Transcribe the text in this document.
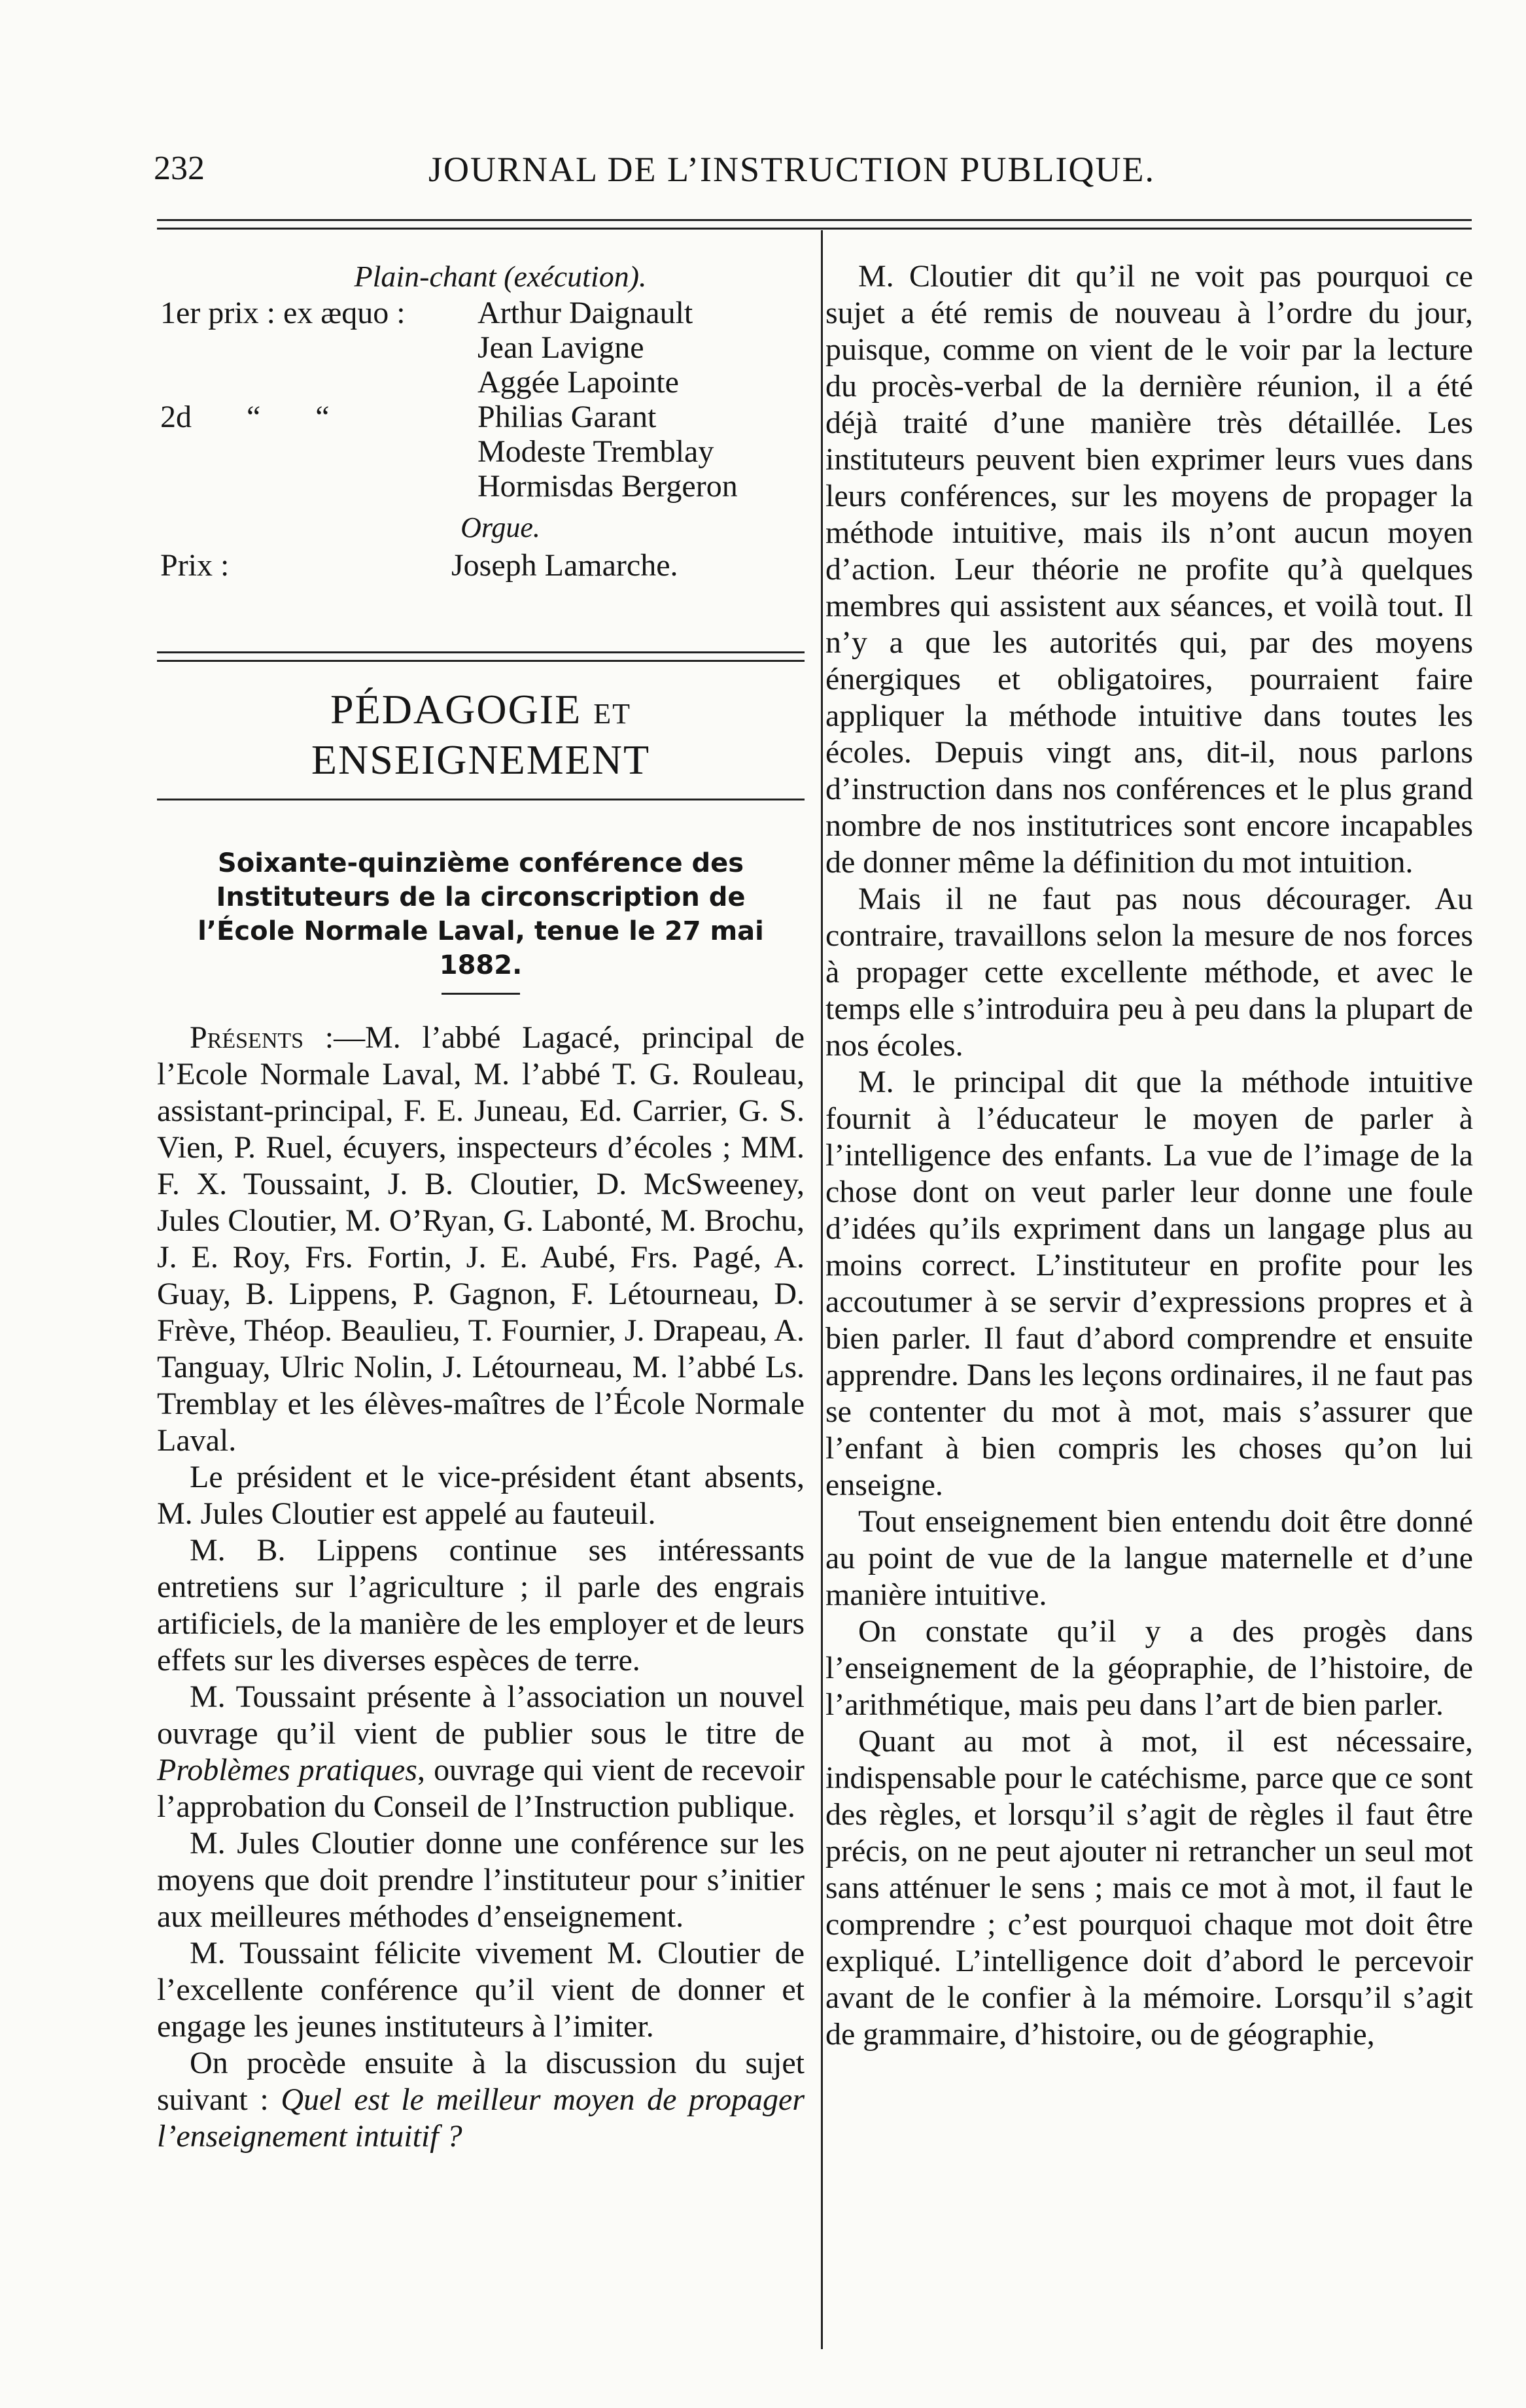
232	JOURNAL DE L’INSTRUCTION PUBLIQUE.
Plain-chant (exécution).
1er prix : ex æquo : Arthur Daignault
Jean Lavigne
Aggée Lapointe
2d       “       “	Philias Garant
Modeste Tremblay
Hormisdas Bergeron
Orgue.
Prix :	Joseph Lamarche.
PÉDAGOGIE ET ENSEIGNEMENT
Soixante-quinzième conférence des Instituteurs de la circonscription de l’École Normale Laval, tenue le 27 mai 1882.

Présents :—M. l’abbé Lagacé, principal de l’Ecole Normale Laval, M. l’abbé T. G. Rouleau, assistant-principal, F. E. Juneau, Ed. Carrier, G. S. Vien, P. Ruel, écuyers, inspecteurs d’écoles ; MM. F. X. Toussaint, J. B. Cloutier, D. McSweeney, Jules Cloutier, M. O’Ryan, G. Labonté, M. Brochu, J. E. Roy, Frs. Fortin, J. E. Aubé, Frs. Pagé, A. Guay, B. Lippens, P. Gagnon, F. Létourneau, D. Frève, Théop. Beaulieu, T. Fournier, J. Drapeau, A. Tanguay, Ulric Nolin, J. Létourneau, M. l’abbé Ls. Tremblay et les élèves-maîtres de l’École Normale Laval.

Le président et le vice-président étant absents, M. Jules Cloutier est appelé au fauteuil.

M. B. Lippens continue ses intéressants entretiens sur l’agriculture ; il parle des engrais artificiels, de la manière de les employer et de leurs effets sur les diverses espèces de terre.

M. Toussaint présente à l’association un nouvel ouvrage qu’il vient de publier sous le titre de Problèmes pratiques, ouvrage qui vient de recevoir l’approbation du Conseil de l’Instruction publique.

M. Jules Cloutier donne une conférence sur les moyens que doit prendre l’instituteur pour s’initier aux meilleures méthodes d’enseignement.

M. Toussaint félicite vivement M. Cloutier de l’excellente conférence qu’il vient de donner et engage les jeunes instituteurs à l’imiter.

On procède ensuite à la discussion du sujet suivant : Quel est le meilleur moyen de propager l’enseignement intuitif ?

M. Cloutier dit qu’il ne voit pas pourquoi ce sujet a été remis de nouveau à l’ordre du jour, puisque, comme on vient de le voir par la lecture du procès-verbal de la dernière réunion, il a été déjà traité d’une manière très détaillée. Les instituteurs peuvent bien exprimer leurs vues dans leurs conférences, sur les moyens de propager la méthode intuitive, mais ils n’ont aucun moyen d’action. Leur théorie ne profite qu’à quelques membres qui assistent aux séances, et voilà tout. Il n’y a que les autorités qui, par des moyens énergiques et obligatoires, pourraient faire appliquer la méthode intuitive dans toutes les écoles. Depuis vingt ans, dit-il, nous parlons d’instruction dans nos conférences et le plus grand nombre de nos institutrices sont encore incapables de donner même la définition du mot intuition.

Mais il ne faut pas nous décourager. Au contraire, travaillons selon la mesure de nos forces à propager cette excellente méthode, et avec le temps elle s’introduira peu à peu dans la plupart de nos écoles.

M. le principal dit que la méthode intuitive fournit à l’éducateur le moyen de parler à l’intelligence des enfants. La vue de l’image de la chose dont on veut parler leur donne une foule d’idées qu’ils expriment dans un langage plus au moins correct. L’instituteur en profite pour les accoutumer à se servir d’expressions propres et à bien parler. Il faut d’abord comprendre et ensuite apprendre. Dans les leçons ordinaires, il ne faut pas se contenter du mot à mot, mais s’assurer que l’enfant à bien compris les choses qu’on lui enseigne.

Tout enseignement bien entendu doit être donné au point de vue de la langue maternelle et d’une manière intuitive.

On constate qu’il y a des progès dans l’enseignement de la géopraphie, de l’histoire, de l’arithmétique, mais peu dans l’art de bien parler.

Quant au mot à mot, il est nécessaire, indispensable pour le catéchisme, parce que ce sont des règles, et lorsqu’il s’agit de règles il faut être précis, on ne peut ajouter ni retrancher un seul mot sans atténuer le sens ; mais ce mot à mot, il faut le comprendre ; c’est pourquoi chaque mot doit être expliqué. L’intelligence doit d’abord le percevoir avant de le confier à la mémoire. Lorsqu’il s’agit de grammaire, d’histoire, ou de géographie,
